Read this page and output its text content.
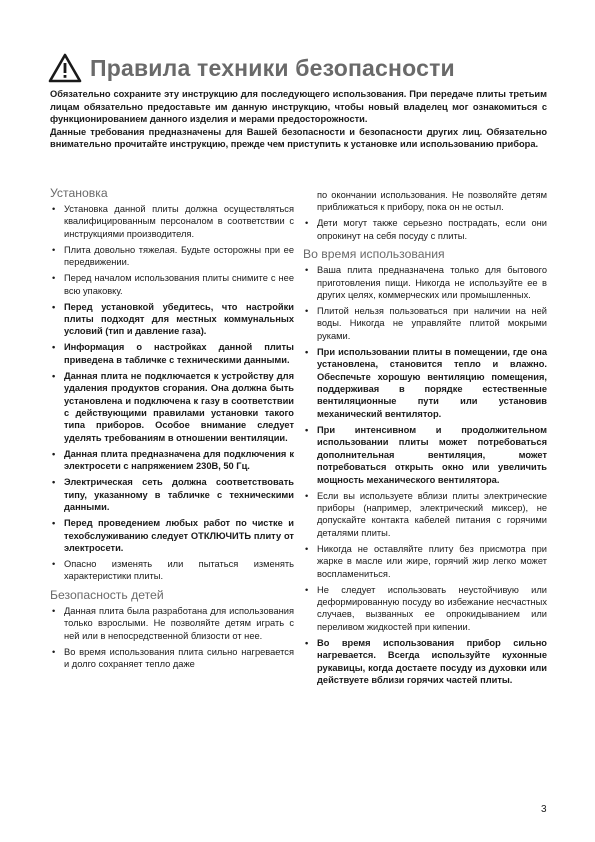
Правила техники безопасности

Обязательно сохраните эту инструкцию для последующего использования. При передаче плиты третьим лицам обязательно предоставьте им данную инструкцию, чтобы новый владелец мог ознакомиться с функционированием данного изделия и мерами предосторожности.

Данные требования предназначены для Вашей безопасности и безопасности других лиц. Обязательно внимательно прочитайте инструкцию, прежде чем приступить к установке или использованию прибора.

Установка
• Установка данной плиты должна осуществляться квалифицированным персоналом в соответствии с инструкциями производителя.
• Плита довольно тяжелая. Будьте осторожны при ее передвижении.
• Перед началом использования плиты снимите с нее всю упаковку.
• Перед установкой убедитесь, что настройки плиты подходят для местных коммунальных условий (тип и давление газа).
• Информация о настройках данной плиты приведена в табличке с техническими данными.
• Данная плита не подключается к устройству для удаления продуктов сгорания. Она должна быть установлена и подключена к газу в соответствии с действующими правилами установки такого типа приборов. Особое внимание следует уделять требованиям в отношении вентиляции.
• Данная плита предназначена для подключения к электросети с напряжением 230В, 50 Гц.
• Электрическая сеть должна соответствовать типу, указанному в табличке с техническими данными.
• Перед проведением любых работ по чистке и техобслуживанию следует ОТКЛЮЧИТЬ плиту от электросети.
• Опасно изменять или пытаться изменять характеристики плиты.
Безопасность детей
• Данная плита была разработана для использования только взрослыми. Не позволяйте детям играть с ней или в непосредственной близости от нее.
• Во время использования плита сильно нагревается и долго сохраняет тепло даже
по окончании использования. Не позволяйте детям приближаться к прибору, пока он не остыл.
• Дети могут также серьезно пострадать, если они опрокинут на себя посуду с плиты.
Во время использования
• Ваша плита предназначена только для бытового приготовления пищи. Никогда не используйте ее в других целях, коммерческих или промышленных.
• Плитой нельзя пользоваться при наличии на ней воды. Никогда не управляйте плитой мокрыми руками.
• При использовании плиты в помещении, где она установлена, становится тепло и влажно. Обеспечьте хорошую вентиляцию помещения, поддерживая в порядке естественные вентиляционные пути или установив механический вентилятор.
• При интенсивном и продолжительном использовании плиты может потребоваться дополнительная вентиляция, может потребоваться открыть окно или увеличить мощность механического вентилятора.
• Если вы используете вблизи плиты электрические приборы (например, электрический миксер), не допускайте контакта кабелей питания с горячими деталями плиты.
• Никогда не оставляйте плиту без присмотра при жарке в масле или жире, горячий жир легко может воспламениться.
• Не следует использовать неустойчивую или деформированную посуду во избежание несчастных случаев, вызванных ее опрокидыванием или переливом жидкостей при кипении.
• Во время использования прибор сильно нагревается. Всегда используйте кухонные рукавицы, когда достаете посуду из духовки или действуете вблизи горячих частей плиты.
3
